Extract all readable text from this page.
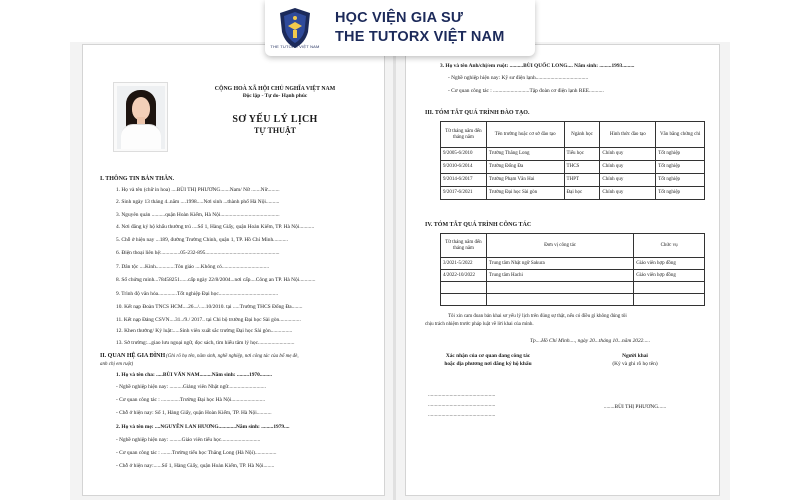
THE TUTORX VIỆT NAM
HỌC VIỆN GIA SƯ
THE TUTORX VIỆT NAM
CỘNG HOÀ XÃ HỘI CHỦ NGHĨA VIỆT NAM
Độc lập - Tự do- Hạnh phúc
SƠ YẾU LÝ LỊCH
TỰ THUẬT
I. THÔNG TIN BẢN THÂN.
1. Họ và tên (chữ in hoa) ....BÙI THỊ PHƯƠNG.......Nam/ Nữ .......Nữ.........
2. Sinh ngày 13 tháng 4..năm ....1998.....Nơi sinh ...thành phố Hà Nội..........
3. Nguyên quán ..........quận Hoàn Kiếm, Hà Nội............................................
4. Nơi đăng ký hộ khẩu thường trú ....Số 1, Hàng Giấy, quận Hoàn Kiếm, TP. Hà Nội...........
5. Chỗ ở hiện nay ...189, đường Trường Chinh, quận 1, TP. Hồ Chí Minh...........
6. Điện thoại liên hệ:..............05-232-895.......................................................
7. Dân tộc ....Kinh..............Tôn giáo ....Không có...................................
8. Số chứng minh...78458251......cấp ngày 22/8/2004...nơi cấp....Công an TP. Hà Nội............
9. Trình độ văn hóa..............Tốt nghiệp Đại học............................................
10. Kết nạp Đoàn TNCS HCM....26.../.....10/2010. tại .....Trường THCS Đống Đa........
11. Kết nạp Đảng CSVN....31../9./ 2017.. tại Chi bộ trường Đại học Sài gòn................
12. Khen thưởng/ Kỷ luật:.....Sinh viên xuất sắc trường Đại học Sài gòn................
13. Sở trường:...giao lưu ngoại ngữ, đọc sách, tìm hiểu tâm lý học...........................
II. QUAN HỆ GIA ĐÌNH (Ghi rõ họ tên, năm sinh, nghề nghiệp, nơi công tác của bố mẹ đẻ,
anh chị em ruột)
1. Họ và tên cha: .....BÙI VĂN NAM.........Năm sinh: .........1970.........
- Nghề nghiệp hiện nay: ..........Giảng viên Nhật ngữ............................
- Cơ quan công tác : ..............Trường Đại học Hà Nội.........................
- Chỗ ở hiện nay: Số 1, Hàng Giấy, quận Hoàn Kiếm, TP. Hà Nội...........
2. Họ và tên mẹ: ....NGUYỄN LAN HƯƠNG.............Năm sinh: .........1979....
- Nghề nghiệp hiện nay: .........Giáo viên tiểu học.............................
- Cơ quan công tác : ........Trường tiểu học Thăng Long (Hà Nội)................
- Chỗ ở hiện nay:......Số 1, Hàng Giấy, quận Hoàn Kiếm, TP. Hà Nội........
3. Họ và tên Anh/chị/em ruột: ..........BÙI QUỐC LONG.... Năm sinh: .........1993.........
- Nghề nghiệp hiện nay: Kỹ sư điện lạnh.......................................
- Cơ quan công tác : ...........................Tập đoàn cơ điện lạnh REE...........
III. TÓM TẮT QUÁ TRÌNH ĐÀO TẠO.
Từ tháng năm đến tháng năm	Tên trường hoặc cơ sở đào tạo	Ngành học	Hình thức đào tạo	Văn bằng chứng chỉ
9/2005-6/2010	Trường Thăng Long	Tiểu học	Chính quy	Tốt nghiệp
9/2010-6/2014	Trường Đống Đa	THCS	Chính quy	Tốt nghiệp
9/2014-6/2017	Trường Phạm Văn Hai	THPT	Chính quy	Tốt nghiệp
9/2017-6/2021	Trường Đại học Sài gòn	Đại học	Chính quy	Tốt nghiệp
IV. TÓM TẮT QUÁ TRÌNH CÔNG TÁC
Từ tháng năm đến tháng năm	Đơn vị công tác	Chức vụ
3/2021-5/2022	Trung tâm Nhật ngữ Sakura	Giáo viên hợp đồng
4/2022-10/2022	Trung tâm Hachi	Giáo viên hợp đồng

Tôi xin cam đoan bản khai sơ yếu lý lịch trên đúng sự thật, nếu có điều gì không đúng tôi
chịu trách nhiệm trước pháp luật về lời khai của mình.
Tp....Hồ Chí Minh...., ngày 20...tháng 10...năm 2022.....
Xác nhận của cơ quan đang công tác
hoặc địa phương nơi đăng ký hộ khẩu
Người khai
(Ký và ghi rõ họ tên)
..................................................
..................................................
..................................................
........BÙI THỊ PHƯƠNG......
